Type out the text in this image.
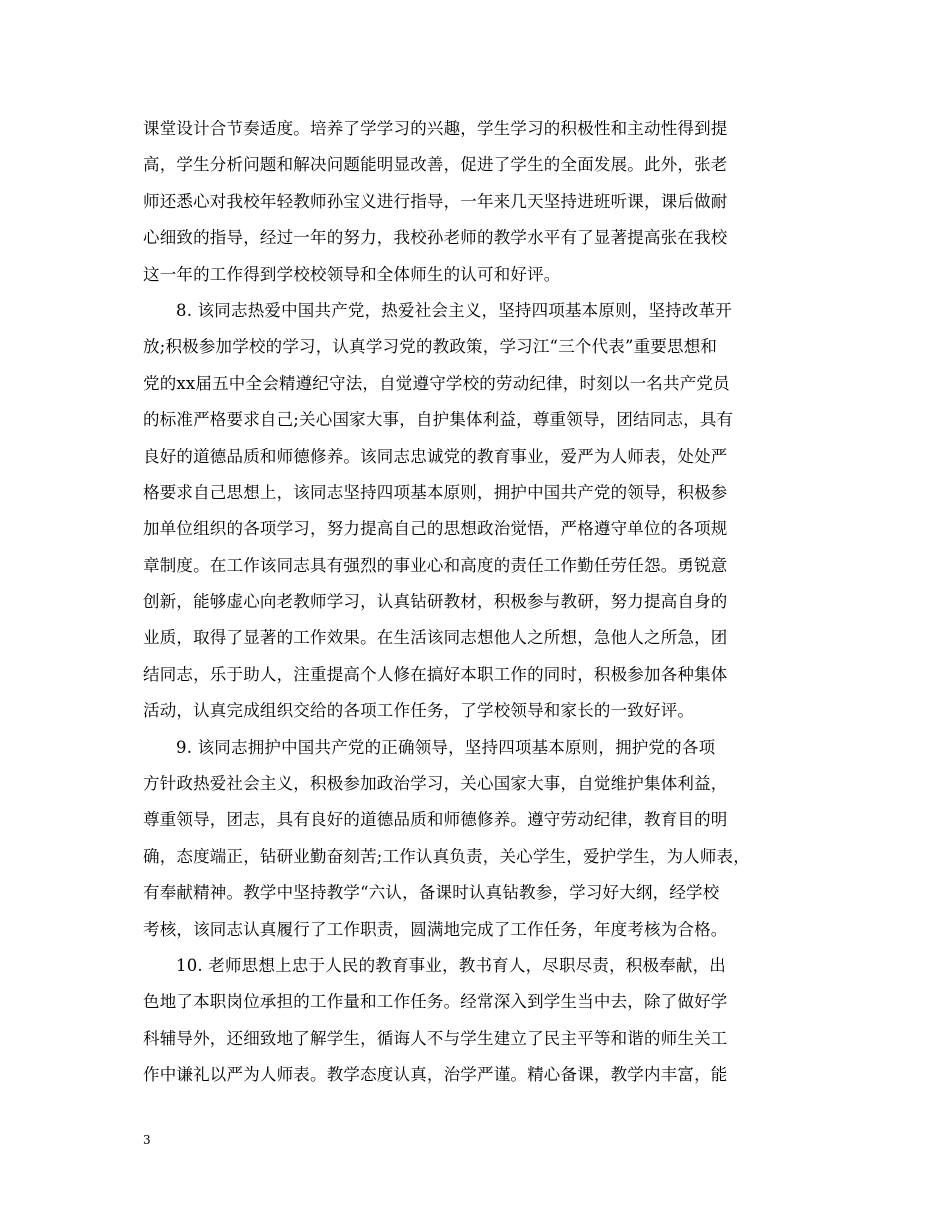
课堂设计合节奏适度。培养了学学习的兴趣，学生学习的积极性和主动性得到提
高，学生分析问题和解决问题能明显改善，促进了学生的全面发展。此外，张老
师还悉心对我校年轻教师孙宝义进行指导，一年来几天坚持进班听课，课后做耐
心细致的指导，经过一年的努力，我校孙老师的教学水平有了显著提高张在我校
这一年的工作得到学校校领导和全体师生的认可和好评。
8. 该同志热爱中国共产党，热爱社会主义，坚持四项基本原则，坚持改革开
放;积极参加学校的学习，认真学习党的教政策，学习江“三个代表”重要思想和
党的xx届五中全会精遵纪守法，自觉遵守学校的劳动纪律，时刻以一名共产党员
的标准严格要求自己;关心国家大事，自护集体利益，尊重领导，团结同志，具有
良好的道德品质和师德修养。该同志忠诚党的教育事业，爱严为人师表，处处严
格要求自己思想上，该同志坚持四项基本原则，拥护中国共产党的领导，积极参
加单位组织的各项学习，努力提高自己的思想政治觉悟，严格遵守单位的各项规
章制度。在工作该同志具有强烈的事业心和高度的责任工作勤任劳任怨。勇锐意
创新，能够虚心向老教师学习，认真钻研教材，积极参与教研，努力提高自身的
业质，取得了显著的工作效果。在生活该同志想他人之所想，急他人之所急，团
结同志，乐于助人，注重提高个人修在搞好本职工作的同时，积极参加各种集体
活动，认真完成组织交给的各项工作任务，了学校领导和家长的一致好评。
9. 该同志拥护中国共产党的正确领导，坚持四项基本原则，拥护党的各项
方针政热爱社会主义，积极参加政治学习，关心国家大事，自觉维护集体利益，
尊重领导，团志，具有良好的道德品质和师德修养。遵守劳动纪律，教育目的明
确，态度端正，钻研业勤奋刻苦;工作认真负责，关心学生，爱护学生，为人师表，
有奉献精神。教学中坚持教学“六认，备课时认真钻教参，学习好大纲，经学校
考核，该同志认真履行了工作职责，圆满地完成了工作任务，年度考核为合格。
10. 老师思想上忠于人民的教育事业，教书育人，尽职尽责，积极奉献，出
色地了本职岗位承担的工作量和工作任务。经常深入到学生当中去，除了做好学
科辅导外，还细致地了解学生，循诲人不与学生建立了民主平等和谐的师生关工
作中谦礼以严为人师表。教学态度认真，治学严谨。精心备课，教学内丰富，能
3
